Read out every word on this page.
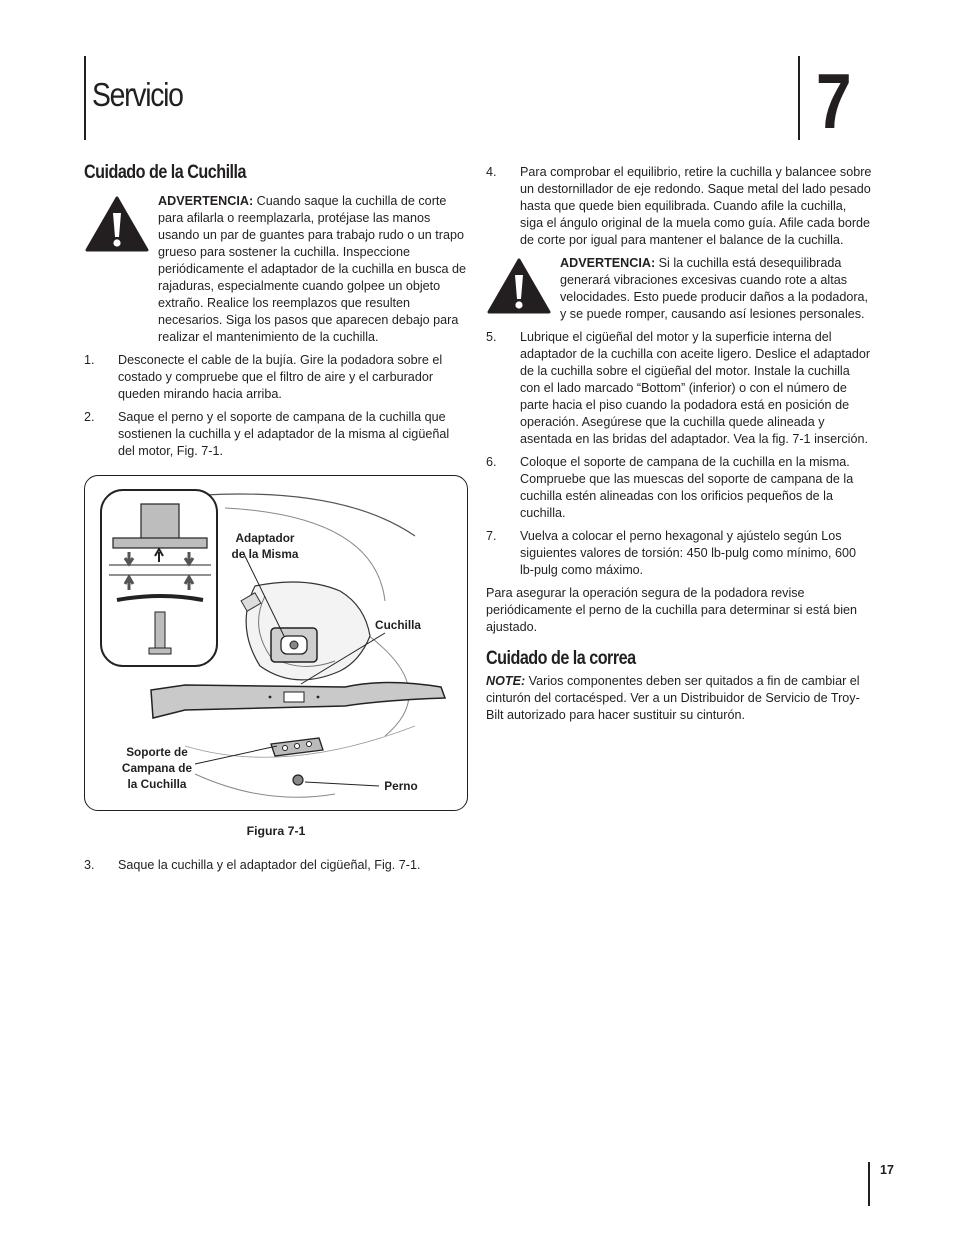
Servicio	7
Cuidado de la Cuchilla
ADVERTENCIA: Cuando saque la cuchilla de corte para afilarla o reemplazarla, protéjase las manos usando un par de guantes para trabajo rudo o un trapo grueso para sostener la cuchilla. Inspeccione periódicamente el adaptador de la cuchilla en busca de rajaduras, especialmente cuando golpee un objeto extraño. Realice los reemplazos que resulten necesarios. Siga los pasos que aparecen debajo para realizar el mantenimiento de la cuchilla.
1.	Desconecte el cable de la bujía. Gire la podadora sobre el costado y compruebe que el filtro de aire y el carburador queden mirando hacia arriba.
2.	Saque el perno y el soporte de campana de la cuchilla que sostienen la cuchilla y el adaptador de la misma al cigüeñal del motor, Fig. 7-1.
Adaptador
de la Misma
Cuchilla
Soporte de
Campana de
la Cuchilla	Perno
Figura 7-1
3.	Saque la cuchilla y el adaptador del cigüeñal, Fig. 7-1.
4.	Para comprobar el equilibrio, retire la cuchilla y balancee sobre un destornillador de eje redondo. Saque metal del lado pesado hasta que quede bien equilibrada. Cuando afile la cuchilla, siga el ángulo original de la muela como guía. Afile cada borde de corte por igual para mantener el balance de la cuchilla.
ADVERTENCIA: Si la cuchilla está desequilibrada generará vibraciones excesivas cuando rote a altas velocidades. Esto puede producir daños a la podadora, y se puede romper, causando así lesiones personales.
5.	Lubrique el cigüeñal del motor y la superficie interna del adaptador de la cuchilla con aceite ligero. Deslice el adaptador de la cuchilla sobre el cigüeñal del motor. Instale la cuchilla con el lado marcado “Bottom” (inferior) o con el número de parte hacia el piso cuando la podadora está en posición de operación. Asegúrese que la cuchilla quede alineada y asentada en las bridas del adaptador. Vea la fig. 7-1 inserción.
6.	Coloque el soporte de campana de la cuchilla en la misma. Compruebe que las muescas del soporte de campana de la cuchilla estén alineadas con los orificios pequeños de la cuchilla.
7.	Vuelva a colocar el perno hexagonal y ajústelo según Los siguientes valores de torsión: 450 lb-pulg como mínimo, 600 lb-pulg como máximo.

Para asegurar la operación segura de la podadora revise periódicamente el perno de la cuchilla para determinar si está bien ajustado.

Cuidado de la correa

NOTE: Varios componentes deben ser quitados a fin de cambiar el cinturón del cortacésped. Ver a un Distribuidor de Servicio de Troy-Bilt autorizado para hacer sustituir su cinturón.

17
